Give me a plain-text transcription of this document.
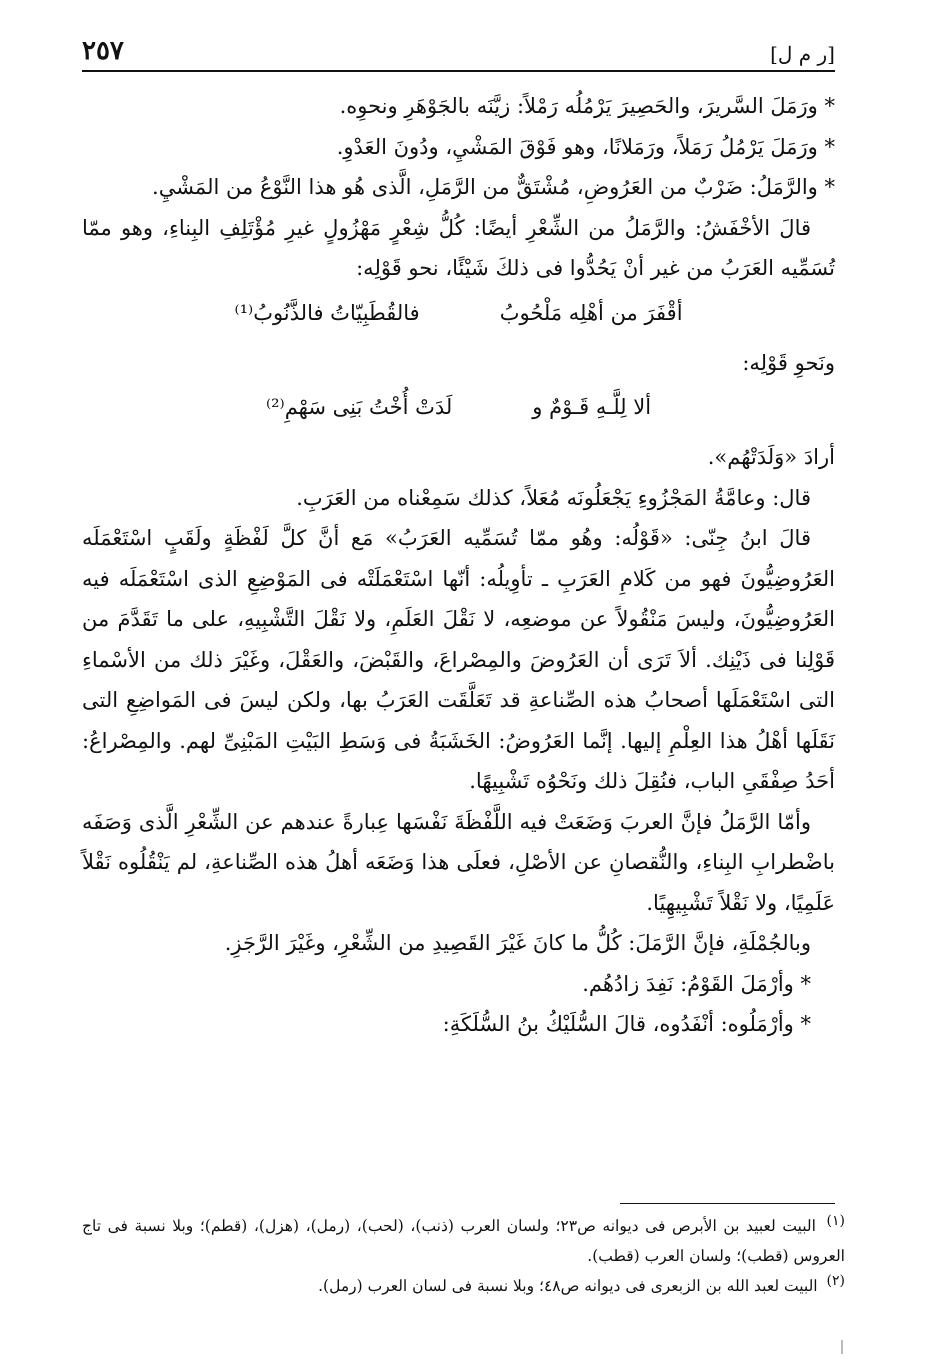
[ر م ل]
٢٥٧

* ورَمَلَ السَّريرَ، والحَصِيرَ يَرْمُلُه رَمْلاً: زيَّنَه بالجَوْهَرِ ونحوِه.

* ورَمَلَ يَرْمُلُ رَمَلاً، ورَمَلانًا، وهو فَوْقَ المَشْيِ، ودُونَ العَدْوِ.

* والرَّمَلُ: ضَرْبٌ من العَرُوضِ، مُشْتَقٌّ من الرَّمَلِ، الَّذى هُو هذا النَّوْعُ من المَشْيِ.

قالَ الأخْفَشُ: والرَّمَلُ من الشِّعْرِ أيضًا: كُلُّ شِعْرٍ مَهْزُولٍ غيرِ مُؤْتَلِفِ البِناءِ، وهو ممّا تُسَمِّيه العَرَبُ من غير أنْ يَحُدُّوا فى ذلكَ شَيْئًا، نحو قَوْلِه:

أقْفَرَ من أهْلِه مَلْحُوبُ
فالقُطَبِيّاتُ فالذَّنُوبُ⁽¹⁾

ونَحوِ قَوْلِه:

ألا لِلَّـهِ قَـوْمٌ و
لَدَتْ أُخْتُ بَنِى سَهْمِ⁽²⁾

أرادَ «وَلَدَتْهُم».

قال: وعامَّةُ المَجْزُوءِ يَجْعَلُونَه مُعَلاً، كذلك سَمِعْناه من العَرَبِ.

قالَ ابنُ جِنّى: «قَوْلُه: وهُو ممّا تُسَمِّيه العَرَبُ» مَع أنَّ كلَّ لَفْظَةٍ ولَقَبٍ اسْتَعْمَلَه العَرُوضِيُّونَ فهو من كَلامِ العَرَبِ ـ تأوِيلُه: أنّها اسْتَعْمَلَتْه فى المَوْضِعِ الذى اسْتَعْمَلَه فيه العَرُوضِيُّونَ، وليسَ مَنْقُولاً عن موضعِه، لا نَقْلَ العَلَمِ، ولا نَقْلَ التَّشْبِيهِ، على ما تَقَدَّمَ من قَوْلِنا فى ذَيْنِك. ألاَ تَرَى أن العَرُوضَ والمِصْراعَ، والقَبْضَ، والعَقْلَ، وغَيْرَ ذلك من الأسْماءِ التى اسْتَعْمَلَها أصحابُ هذه الصِّناعةِ قد تَعَلَّقَت العَرَبُ بها، ولكن ليسَ فى المَواضِعِ التى نَقَلَها أهْلُ هذا العِلْمِ إليها. إنَّما العَرُوضُ: الخَشَبَةُ فى وَسَطِ البَيْتِ المَبْنِىِّ لهم. والمِصْراعُ: أحَدُ صِفْقَىِ الباب، فنُقِلَ ذلك ونَحْوُه تَشْبِيهًا.

وأمّا الرَّمَلُ فإنَّ العربَ وَضَعَتْ فيه اللَّفْظَةَ نَفْسَها عِبارةً عندهم عن الشِّعْرِ الَّذى وَصَفَه باضْطرابِ البِناءِ، والنُّقصانِ عن الأصْلِ، فعلَى هذا وَضَعَه أهلُ هذه الصِّناعةِ، لم يَنْقُلُوه نَقْلاً عَلَمِيًا، ولا نَقْلاً تَشْبِيهِيًا.

وبالجُمْلَةِ، فإنَّ الرَّمَلَ: كُلُّ ما كانَ غَيْرَ القَصِيدِ من الشِّعْرِ، وغَيْرَ الرَّجَزِ.

* وأرْمَلَ القَوْمُ: نَفِدَ زادُهُم.

* وأرْمَلُوه: أنْفَدُوه، قالَ السُّلَيْكُ بنُ السُّلَكَةِ:

(١) البيت لعبيد بن الأبرص فى ديوانه ص٢٣؛ ولسان العرب (ذنب)، (لحب)، (رمل)، (هزل)، (قطم)؛ وبلا نسبة فى تاج العروس (قطب)؛ ولسان العرب (قطب).

(٢) البيت لعبد الله بن الزبعرى فى ديوانه ص٤٨؛ وبلا نسبة فى لسان العرب (رمل).
